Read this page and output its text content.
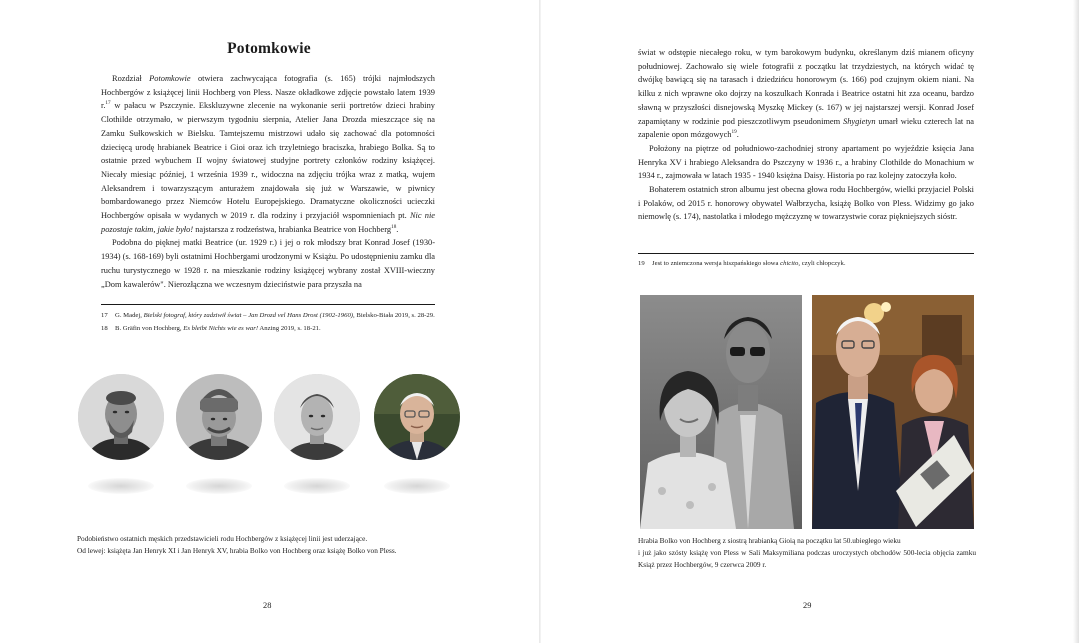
Potomkowie

Rozdział Potomkowie otwiera zachwycająca fotografia (s. 165) trójki najmłodszych Hochbergów z książęcej linii Hochberg von Pless. Nasze okładkowe zdjęcie powstało latem 1939 r.$^{17}$ w pałacu w Pszczynie. Ekskluzywne zlecenie na wykonanie serii portretów dzieci hrabiny Clothilde otrzymało, w pierwszym tygodniu sierpnia, Atelier Jana Drozda mieszczące się na Zamku Sułkowskich w Bielsku. Tamtejszemu mistrzowi udało się zachować dla potomności dziecięcą urodę hrabianek Beatrice i Gioi oraz ich trzyletniego braciszka, hrabiego Bolka. Są to ostatnie przed wybuchem II wojny światowej studyjne portrety członków rodziny książęcej. Niecały miesiąc później, 1 września 1939 r., widoczna na zdjęciu trójka wraz z matką, wujem Aleksandrem i towarzyszącym anturażem znajdowała się już w Warszawie, w piwnicy bombardowanego przez Niemców Hotelu Europejskiego. Dramatyczne okoliczności ucieczki Hochbergów opisała w wydanych w 2019 r. dla rodziny i przyjaciół wspomnieniach pt. Nic nie pozostaje takim, jakie było! najstarsza z rodzeństwa, hrabianka Beatrice von Hochberg$^{18}$.

Podobna do pięknej matki Beatrice (ur. 1929 r.) i jej o rok młodszy brat Konrad Josef (1930-1934) (s. 168-169) byli ostatnimi Hochbergami urodzonymi w Książu. Po udostępnieniu zamku dla ruchu turystycznego w 1928 r. na mieszkanie rodziny książęcej wybrany został XVIII-wieczny „Dom kawalerów". Nierozłączna we wczesnym dzieciństwie para przyszła na

17 G. Madej, Bielski fotograf, który zadziwił świat – Jan Drozd vel Hans Drost (1902-1960), Bielsko-Biała 2019, s. 28-29.
18 B. Gräfin von Hochberg, Es bleibt Nichts wie es war! Anzing 2019, s. 18-21.
Podobieństwo ostatnich męskich przedstawicieli rodu Hochbergów z książęcej linii jest uderzające.
Od lewej: książęta Jan Henryk XI i Jan Henryk XV, hrabia Bolko von Hochberg oraz książę Bolko von Pless.
28

świat w odstępie niecałego roku, w tym barokowym budynku, określanym dziś mianem oficyny południowej. Zachowało się wiele fotografii z początku lat trzydziestych, na których widać tę dwójkę bawiącą się na tarasach i dziedzińcu honorowym (s. 166) pod czujnym okiem niani. Na kilku z nich wprawne oko dojrzy na koszulkach Konrada i Beatrice ostatni hit zza oceanu, bardzo sławną w przyszłości disnejowską Myszkę Mickey (s. 167) w jej najstarszej wersji. Konrad Josef zapamiętany w rodzinie pod pieszczotliwym pseudonimem Shygietyn umarł wieku czterech lat na zapalenie opon mózgowych$^{19}$.

Położony na piętrze od południowo-zachodniej strony apartament po wyjeździe księcia Jana Henryka XV i hrabiego Aleksandra do Pszczyny w 1936 r., a hrabiny Clothilde do Monachium w 1934 r., zajmowała w latach 1935 - 1940 księżna Daisy. Historia po raz kolejny zatoczyła koło.

Bohaterem ostatnich stron albumu jest obecna głowa rodu Hochbergów, wielki przyjaciel Polski i Polaków, od 2015 r. honorowy obywatel Wałbrzycha, książę Bolko von Pless. Widzimy go jako niemowlę (s. 174), nastolatka i młodego mężczyznę w towarzystwie coraz piękniejszych sióstr.

19 Jest to zniemczona wersja hiszpańskiego słowa chicito, czyli chłopczyk.
Hrabia Bolko von Hochberg z siostrą hrabianką Gioią na początku lat 50.ubiegłego wieku
i już jako szósty książę von Pless w Sali Maksymiliana podczas uroczystych obchodów 500-lecia objęcia zamku Książ przez Hochbergów, 9 czerwca 2009 r.
29
